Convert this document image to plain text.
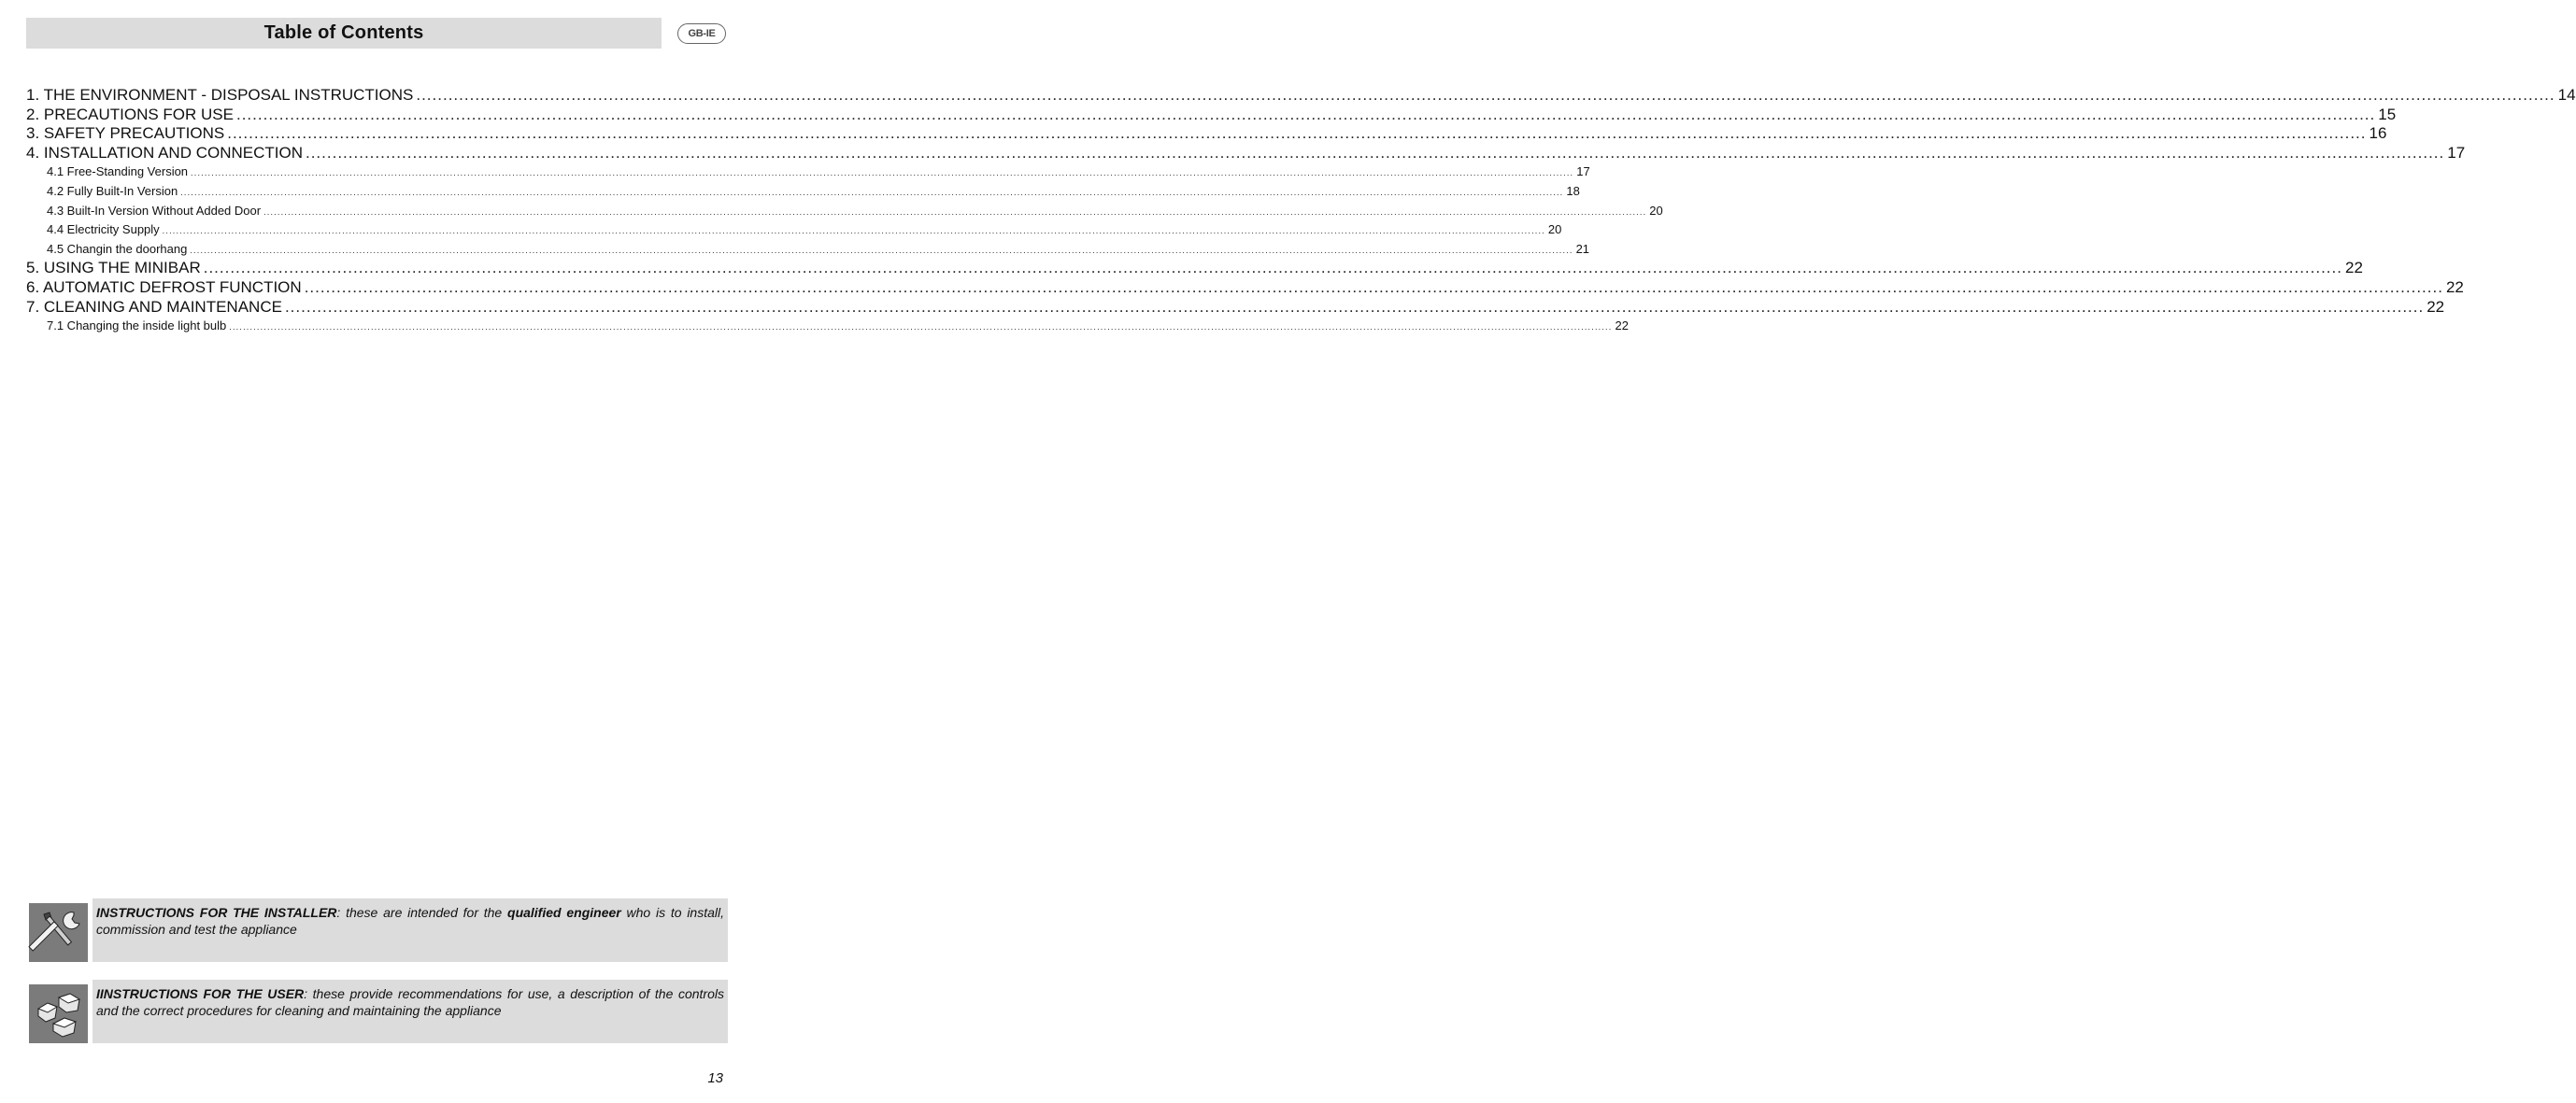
Table of Contents	GB-IE
1. THE ENVIRONMENT - DISPOSAL INSTRUCTIONS ................................................................................................................................................................................................................................................................................................................................................................................................................ 14
2. PRECAUTIONS FOR USE ................................................................................................................................................................................................................................................................................................................................................................................................................ 15
3. SAFETY PRECAUTIONS ................................................................................................................................................................................................................................................................................................................................................................................................................ 16
4. INSTALLATION AND CONNECTION ................................................................................................................................................................................................................................................................................................................................................................................................................ 17
4.1 Free-Standing Version ................................................................................................................................................................................................................................................................................................................................................................................................................ 17
4.2 Fully Built-In Version ................................................................................................................................................................................................................................................................................................................................................................................................................ 18
4.3 Built-In Version Without Added Door ................................................................................................................................................................................................................................................................................................................................................................................................................ 20
4.4 Electricity Supply ................................................................................................................................................................................................................................................................................................................................................................................................................ 20
4.5 Changin the doorhang ................................................................................................................................................................................................................................................................................................................................................................................................................ 21
5. USING THE MINIBAR ................................................................................................................................................................................................................................................................................................................................................................................................................ 22
6. AUTOMATIC DEFROST FUNCTION ................................................................................................................................................................................................................................................................................................................................................................................................................ 22
7. CLEANING AND MAINTENANCE ................................................................................................................................................................................................................................................................................................................................................................................................................ 22
7.1 Changing the inside light bulb ................................................................................................................................................................................................................................................................................................................................................................................................................ 22
INSTRUCTIONS FOR THE INSTALLER: these are intended for the qualified engineer who is to install, commission and test the appliance
IINSTRUCTIONS FOR THE USER: these provide recommendations for use, a description of the controls and the correct procedures for cleaning and maintaining the appliance
13
